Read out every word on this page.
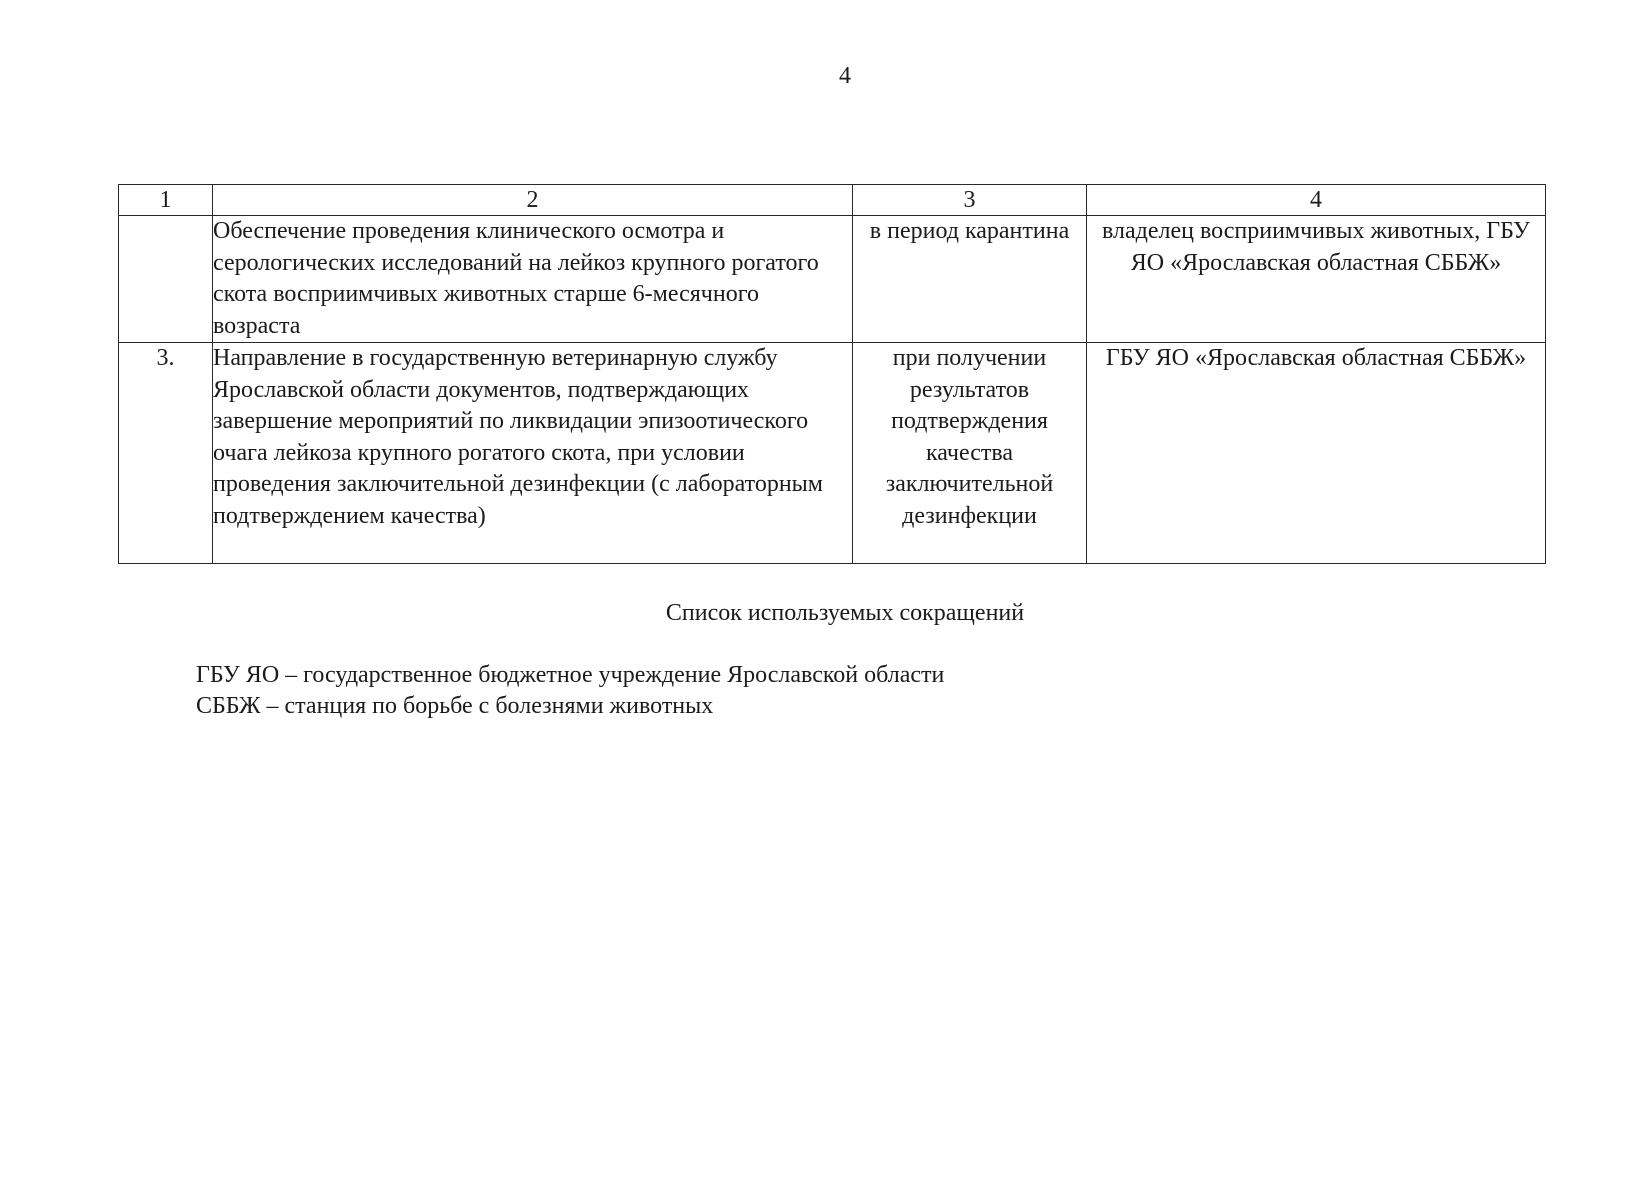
4
1	2	3	4
	Обеспечение проведения клинического осмотра и серологических исследований на лейкоз крупного рогатого скота восприимчивых животных старше 6-месячного возраста	в период карантина	владелец восприимчивых животных, ГБУ ЯО «Ярославская областная СББЖ»
3.	Направление в государственную ветеринарную службу Ярославской области документов, подтверждающих завершение мероприятий по ликвидации эпизоотического очага лейкоза крупного рогатого скота, при условии проведения заключительной дезинфекции (с лабораторным подтверждением качества)	при получении результатов подтверждения качества заключительной дезинфекции	ГБУ ЯО «Ярославская областная СББЖ»
Список используемых сокращений
ГБУ ЯО – государственное бюджетное учреждение Ярославской области
СББЖ – станция по борьбе с болезнями животных
